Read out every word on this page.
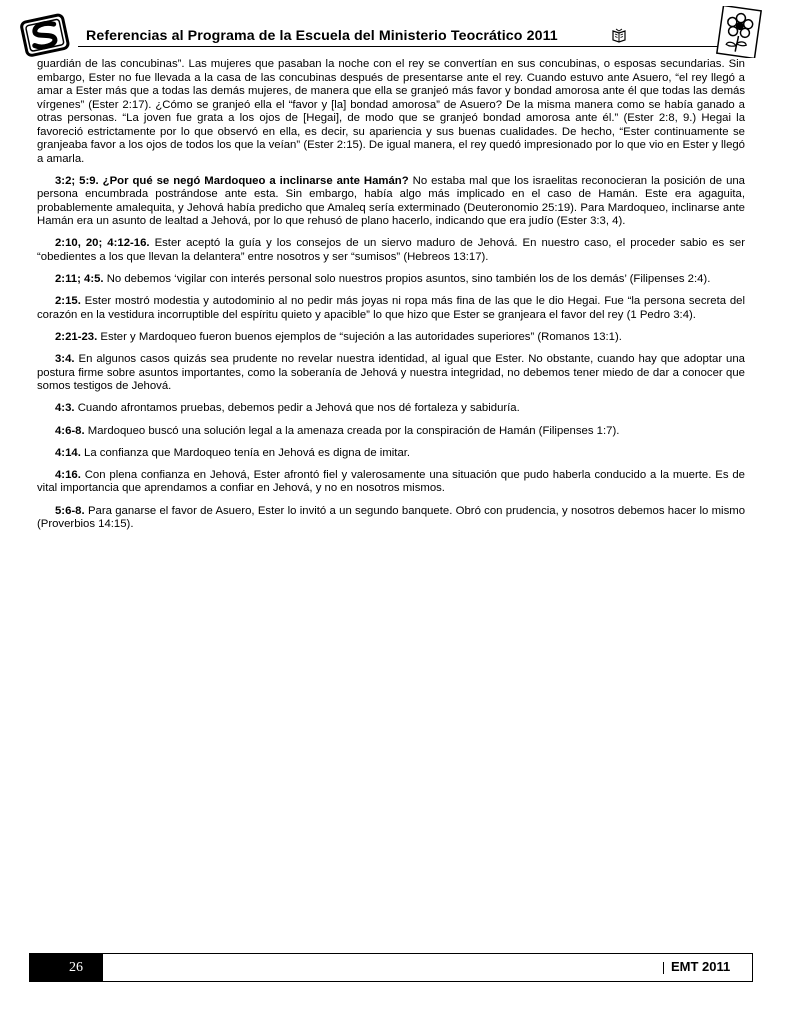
Referencias al Programa de la Escuela del Ministerio Teocrático 2011

guardián de las concubinas”. Las mujeres que pasaban la noche con el rey se convertían en sus concubinas, o esposas secundarias. Sin embargo, Ester no fue llevada a la casa de las concubinas después de presentarse ante el rey. Cuando estuvo ante Asuero, “el rey llegó a amar a Ester más que a todas las demás mujeres, de manera que ella se granjeó más favor y bondad amorosa ante él que todas las demás vírgenes” (Ester 2:17). ¿Cómo se granjeó ella el “favor y [la] bondad amorosa” de Asuero? De la misma manera como se había ganado a otras personas. “La joven fue grata a los ojos de [Hegai], de modo que se granjeó bondad amorosa ante él.” (Ester 2:8, 9.) Hegai la favoreció estrictamente por lo que observó en ella, es decir, su apariencia y sus buenas cualidades. De hecho, “Ester continuamente se granjeaba favor a los ojos de todos los que la veían” (Ester 2:15). De igual manera, el rey quedó impresionado por lo que vio en Ester y llegó a amarla.

3:2; 5:9. ¿Por qué se negó Mardoqueo a inclinarse ante Hamán? No estaba mal que los israelitas reconocieran la posición de una persona encumbrada postrándose ante esta. Sin embargo, había algo más implicado en el caso de Hamán. Este era agaguita, probablemente amalequita, y Jehová había predicho que Amaleq sería exterminado (Deuteronomio 25:19). Para Mardoqueo, inclinarse ante Hamán era un asunto de lealtad a Jehová, por lo que rehusó de plano hacerlo, indicando que era judío (Ester 3:3, 4).

2:10, 20; 4:12-16. Ester aceptó la guía y los consejos de un siervo maduro de Jehová. En nuestro caso, el proceder sabio es ser “obedientes a los que llevan la delantera” entre nosotros y ser “sumisos” (Hebreos 13:17).

2:11; 4:5. No debemos ‘vigilar con interés personal solo nuestros propios asuntos, sino también los de los demás’ (Filipenses 2:4).

2:15. Ester mostró modestia y autodominio al no pedir más joyas ni ropa más fina de las que le dio Hegai. Fue “la persona secreta del corazón en la vestidura incorruptible del espíritu quieto y apacible” lo que hizo que Ester se granjeara el favor del rey (1 Pedro 3:4).

2:21-23. Ester y Mardoqueo fueron buenos ejemplos de “sujeción a las autoridades superiores” (Romanos 13:1).

3:4. En algunos casos quizás sea prudente no revelar nuestra identidad, al igual que Ester. No obstante, cuando hay que adoptar una postura firme sobre asuntos importantes, como la soberanía de Jehová y nuestra integridad, no debemos tener miedo de dar a conocer que somos testigos de Jehová.

4:3. Cuando afrontamos pruebas, debemos pedir a Jehová que nos dé fortaleza y sabiduría.

4:6-8. Mardoqueo buscó una solución legal a la amenaza creada por la conspiración de Hamán (Filipenses 1:7).

4:14. La confianza que Mardoqueo tenía en Jehová es digna de imitar.

4:16. Con plena confianza en Jehová, Ester afrontó fiel y valerosamente una situación que pudo haberla conducido a la muerte. Es de vital importancia que aprendamos a confiar en Jehová, y no en nosotros mismos.

5:6-8. Para ganarse el favor de Asuero, Ester lo invitó a un segundo banquete. Obró con prudencia, y nosotros debemos hacer lo mismo (Proverbios 14:15).

26	EMT 2011
